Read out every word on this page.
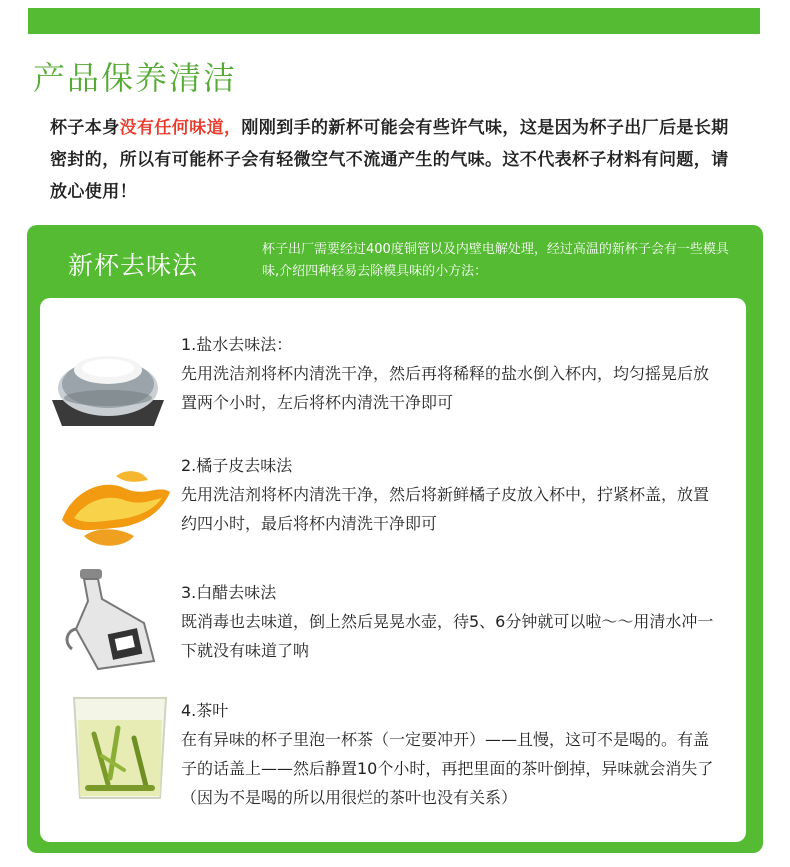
产品保养清洁
杯子本身没有任何味道，刚刚到手的新杯可能会有些许气味，这是因为杯子出厂后是长期密封的，所以有可能杯子会有轻微空气不流通产生的气味。这不代表杯子材料有问题，请放心使用！
新杯去味法
杯子出厂需要经过400度铜管以及内壁电解处理，经过高温的新杯子会有一些模具味,介绍四种轻易去除模具味的小方法：
1.盐水去味法：
先用洗洁剂将杯内清洗干净，然后再将稀释的盐水倒入杯内，均匀摇晃后放置两个小时，左后将杯内清洗干净即可
2.橘子皮去味法
先用洗洁剂将杯内清洗干净，然后将新鲜橘子皮放入杯中，拧紧杯盖，放置约四小时，最后将杯内清洗干净即可
3.白醋去味法
既消毒也去味道，倒上然后晃晃水壶，待5、6分钟就可以啦～～用清水冲一下就没有味道了呐
4.茶叶
在有异味的杯子里泡一杯茶（一定要冲开）——且慢，这可不是喝的。有盖子的话盖上——然后静置10个小时，再把里面的茶叶倒掉，异味就会消失了（因为不是喝的所以用很烂的茶叶也没有关系）
